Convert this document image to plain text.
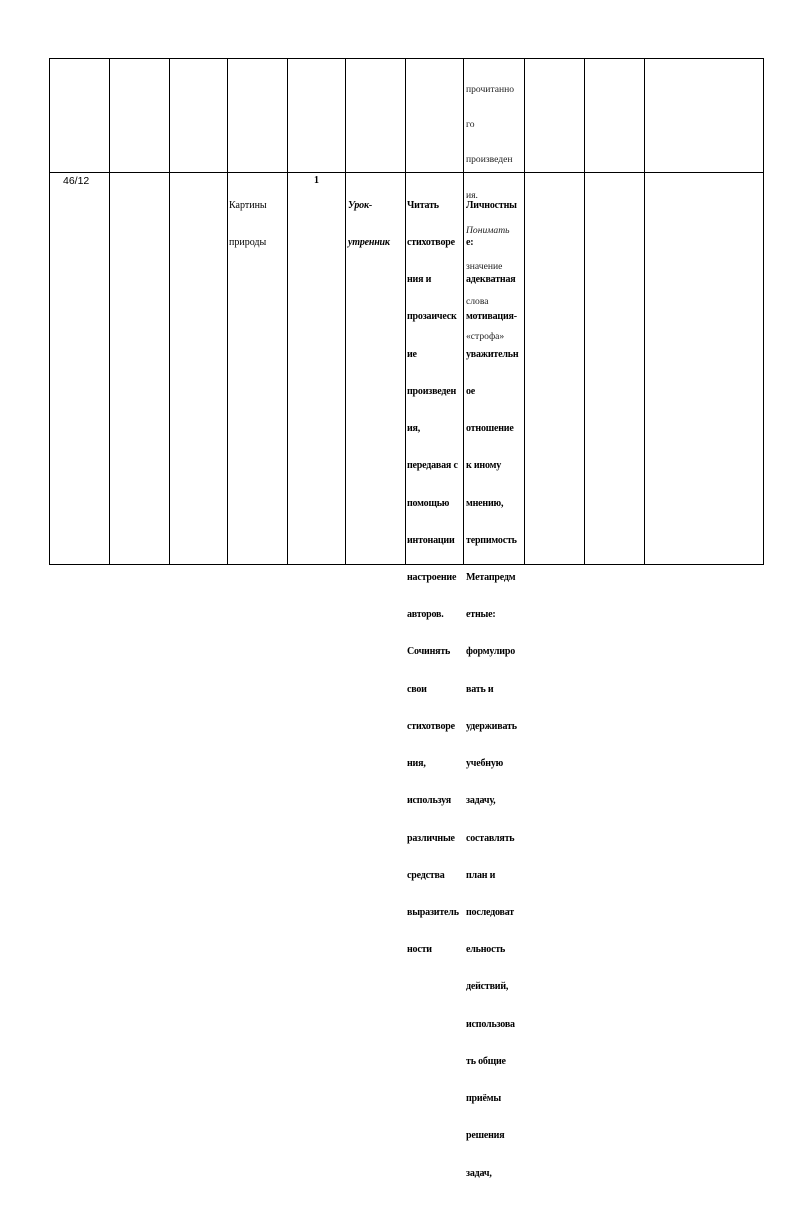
прочитанно

го

произведен

ия.

Понимать

значение

слова

«строфа»

46/12

Картины

природы

1

Урок-

утренник

Читать

стихотворе

ния и

прозаическ

ие

произведен

ия,

передавая с

помощью

интонации

настроение

авторов.

Сочинять

свои

стихотворе

ния,

используя

различные

средства

выразитель

ности

Личностны

е:

адекватная

мотивация-

уважительн

ое

отношение

к иному

мнению,

терпимость

Метапредм

етные:

формулиро

вать и

удерживать

учебную

задачу,

составлять

план и

последоват

ельность

действий,

использова

ть общие

приёмы

решения

задач,
